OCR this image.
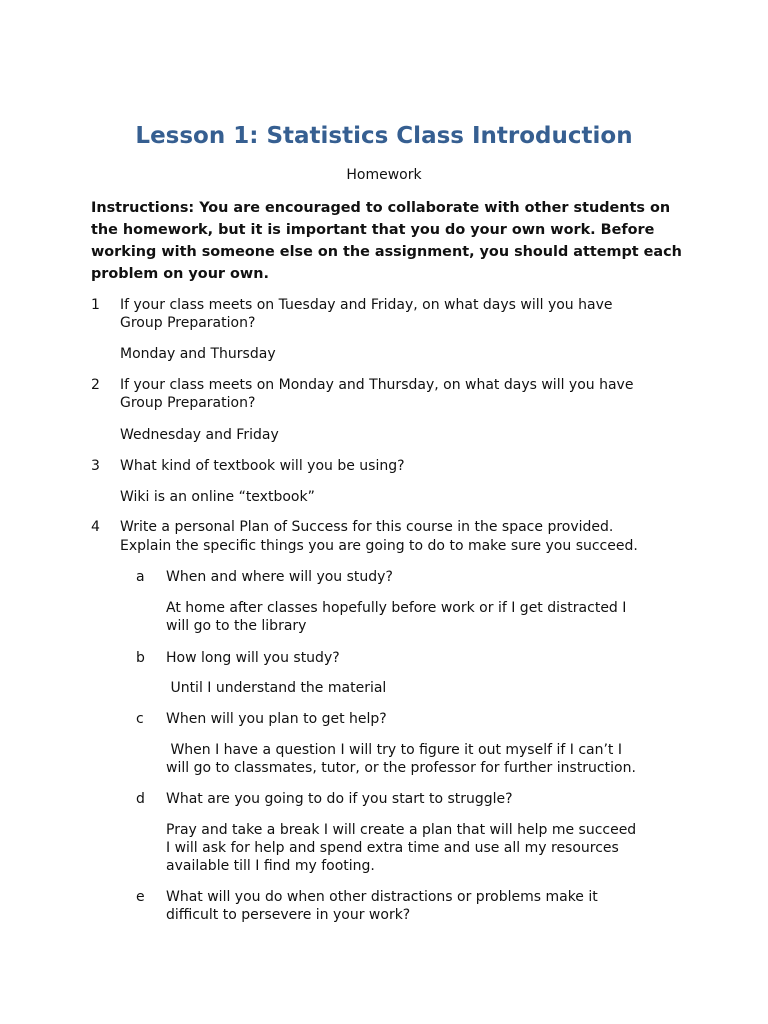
Lesson 1: Statistics Class Introduction
Homework
Instructions: You are encouraged to collaborate with other students on the homework, but it is important that you do your own work. Before working with someone else on the assignment, you should attempt each problem on your own.
1 If your class meets on Tuesday and Friday, on what days will you have
Group Preparation?
Monday and Thursday
2 If your class meets on Monday and Thursday, on what days will you have
Group Preparation?
Wednesday and Friday
3 What kind of textbook will you be using?
Wiki is an online “textbook”
4 Write a personal Plan of Success for this course in the space provided.
Explain the specific things you are going to do to make sure you succeed.
a When and where will you study?
At home after classes hopefully before work or if I get distracted I
will go to the library
b How long will you study?
Until I understand the material
c When will you plan to get help?
When I have a question I will try to figure it out myself if I can’t I
will go to classmates, tutor, or the professor for further instruction.
d What are you going to do if you start to struggle?
Pray and take a break I will create a plan that will help me succeed
I will ask for help and spend extra time and use all my resources
available till I find my footing.
e What will you do when other distractions or problems make it
difficult to persevere in your work?
